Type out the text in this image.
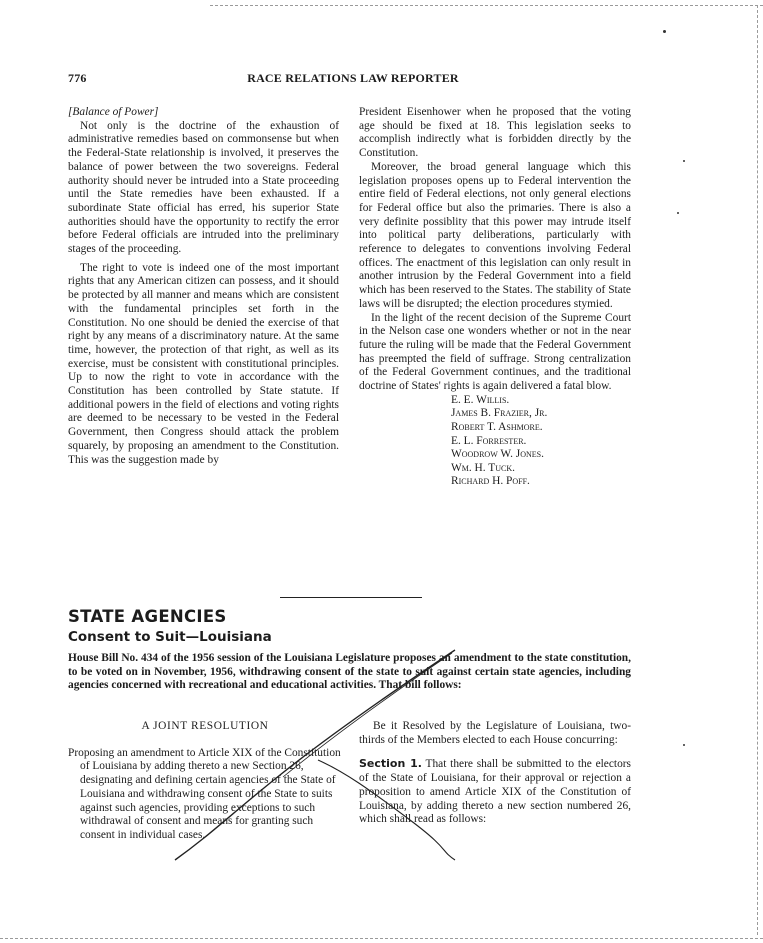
776	RACE RELATIONS LAW REPORTER

[Balance of Power]

Not only is the doctrine of the exhaustion of administrative remedies based on commonsense but when the Federal-State relationship is involved, it preserves the balance of power between the two sovereigns. Federal authority should never be intruded into a State proceeding until the State remedies have been exhausted. If a subordinate State official has erred, his superior State authorities should have the opportunity to rectify the error before Federal officials are intruded into the preliminary stages of the proceeding.

The right to vote is indeed one of the most important rights that any American citizen can possess, and it should be protected by all manner and means which are consistent with the fundamental principles set forth in the Constitution. No one should be denied the exercise of that right by any means of a discriminatory nature. At the same time, however, the protection of that right, as well as its exercise, must be consistent with constitutional principles. Up to now the right to vote in accordance with the Constitution has been controlled by State statute. If additional powers in the field of elections and voting rights are deemed to be necessary to be vested in the Federal Government, then Congress should attack the problem squarely, by proposing an amendment to the Constitution. This was the suggestion made by

President Eisenhower when he proposed that the voting age should be fixed at 18. This legislation seeks to accomplish indirectly what is forbidden directly by the Constitution.

Moreover, the broad general language which this legislation proposes opens up to Federal intervention the entire field of Federal elections, not only general elections for Federal office but also the primaries. There is also a very definite possiblity that this power may intrude itself into political party deliberations, particularly with reference to delegates to conventions involving Federal offices. The enactment of this legislation can only result in another intrusion by the Federal Government into a field which has been reserved to the States. The stability of State laws will be disrupted; the election procedures stymied.

In the light of the recent decision of the Supreme Court in the Nelson case one wonders whether or not in the near future the ruling will be made that the Federal Government has preempted the field of suffrage. Strong centralization of the Federal Government continues, and the traditional doctrine of States' rights is again delivered a fatal blow.

E. E. Willis.
James B. Frazier, Jr.
Robert T. Ashmore.
E. L. Forrester.
Woodrow W. Jones.
Wm. H. Tuck.
Richard H. Poff.
STATE AGENCIES
Consent to Suit—Louisiana
House Bill No. 434 of the 1956 session of the Louisiana Legislature proposes an amendment to the state constitution, to be voted on in November, 1956, withdrawing consent of the state to suit against certain state agencies, including agencies concerned with recreational and educational activities. That bill follows:

A JOINT RESOLUTION

Proposing an amendment to Article XIX of the Constitution of Louisiana by adding thereto a new Section 26, designating and defining certain agencies of the State of Louisiana and withdrawing consent of the State to suits against such agencies, providing exceptions to such withdrawal of consent and means for granting such consent in individual cases.

Be it Resolved by the Legislature of Louisiana, two-thirds of the Members elected to each House concurring:

Section 1. That there shall be submitted to the electors of the State of Louisiana, for their approval or rejection a proposition to amend Article XIX of the Constitution of Louisiana, by adding thereto a new section numbered 26, which shall read as follows:
